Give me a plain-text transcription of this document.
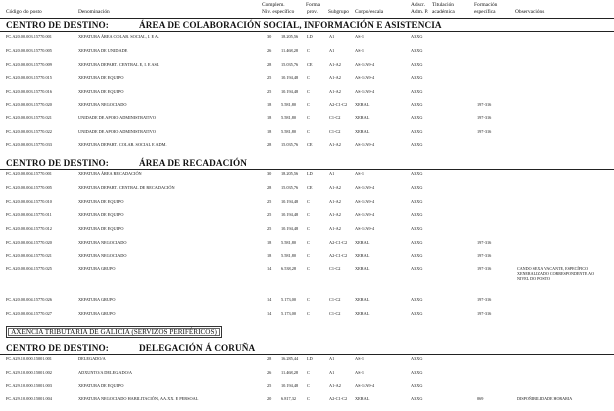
Código do posto	Denominación
Complem.
Niv. específico
Forma
prov. Subgrupo Corpo/escala
Adscr.
Adm. P.
Titulación
académica
Formación
específica	Observacións
CENTRO DE DESTINO:	ÁREA DE COLABORACIÓN SOCIAL, INFORMACIÓN E ASISTENCIA
FC.A20.00.003.15770.001	XEFATURA ÁREA COLAB. SOCIAL, I. E A.	30 18.205,56 LD	A1	AS-1	A3XG
FC.A20.00.003.15770.005	XEFATURA DE UNIDADE	26 11.468,28 C	A1	AS-1	A3XG
FC.A20.00.003.15770.009	XEFATURA DEPART. CENTRAL E, I. E ASI.	28 15.035,76 CE	A1-A2	AS-1/A9-4	A3XG
FC.A20.00.003.15770.015	XEFATURA DE EQUIPO	25 10.194,48 C	A1-A2	AS-1/A9-4	A3XG
FC.A20.00.003.15770.016	XEFATURA DE EQUIPO	25 10.194,48 C	A1-A2	AS-1/A9-4	A3XG
FC.A20.00.003.15770.020	XEFATURA NEGOCIADO	18 5.581,80	C	A2-C1-C2 XERAL	A3XG	197-316
FC.A20.00.003.15770.021	UNIDADE DE APOIO ADMINISTRATIVO	18 5.581,80	C	C1-C2	XERAL	A3XG	197-316
FC.A20.00.003.15770.022	UNIDADE DE APOIO ADMINISTRATIVO	18 5.581,80	C	C1-C2	XERAL	A3XG	197-316
FC.A20.00.003.15770.033	XEFATURA DEPART. COLAB. SOCIAL E ADM.	28 15.035,76 CE	A1-A2	AS-1/A9-4	A3XG
CENTRO DE DESTINO:	ÁREA DE RECADACIÓN
FC.A20.00.004.15770.001	XEFATURA ÁREA RECADACIÓN	30 18.205,56 LD	A1	AS-1	A3XG
FC.A20.00.004.15770.005	XEFATURA DEPART. CENTRAL DE RECADACIÓN	28 15.035,76 CE	A1-A2	AS-1/A9-4	A3XG
FC.A20.00.004.15770.010	XEFATURA DE EQUIPO	25 10.194,48 C	A1-A2	AS-1/A9-4	A3XG
FC.A20.00.004.15770.011	XEFATURA DE EQUIPO	25 10.194,48 C	A1-A2	AS-1/A9-4	A3XG
FC.A20.00.004.15770.012	XEFATURA DE EQUIPO	25 10.194,48 C	A1-A2	AS-1/A9-4	A3XG
FC.A20.00.004.15770.020	XEFATURA NEGOCIADO	18 5.581,80	C	A2-C1-C2 XERAL	A3XG	197-316
FC.A20.00.004.15770.021	XEFATURA NEGOCIADO	18 5.581,80	C	A2-C1-C2 XERAL	A3XG	197-316
FC.A20.00.004.15770.025	XEFATURA GRUPO	14 6.538,28	C	C1-C2	XERAL	A3XG	197-316	CANDO SEXA VACANTE, ESPECÍFICO XENERALIZADO CORRESPONDENTE AO NIVEL DO POSTO
FC.A20.00.004.15770.026	XEFATURA GRUPO	14 5.173,00	C	C1-C2	XERAL	A3XG	197-316
FC.A20.00.004.15770.027	XEFATURA GRUPO	14 5.173,00	C	C1-C2	XERAL	A3XG	197-316
AXENCIA TRIBUTARIA DE GALICIA (SERVIZOS PERIFÉRICOS)
CENTRO DE DESTINO:	DELEGACIÓN Á CORUÑA
FC.A29.10.000.15001.001	DELEGADO/A	28 16.285,44 LD	A1	AS-1	A3XG
FC.A29.10.000.15001.002	ADXUNTO/A DELEGADO/A	26 11.468,28 C	A1	AS-1	A3XG
FC.A29.10.000.15001.003	XEFATURA DE EQUIPO	25 10.194,48 C	A1-A2	AS-1/A9-4	A3XG
FC.A29.10.000.15001.004	XEFATURA NEGOCIADO HABILITACIÓN, AA.XX. E PERSOAL	20 6.817,32	C	A2-C1-C2 XERAL	A3XG	069	DISPOÑIBILIDADE HORARIA
